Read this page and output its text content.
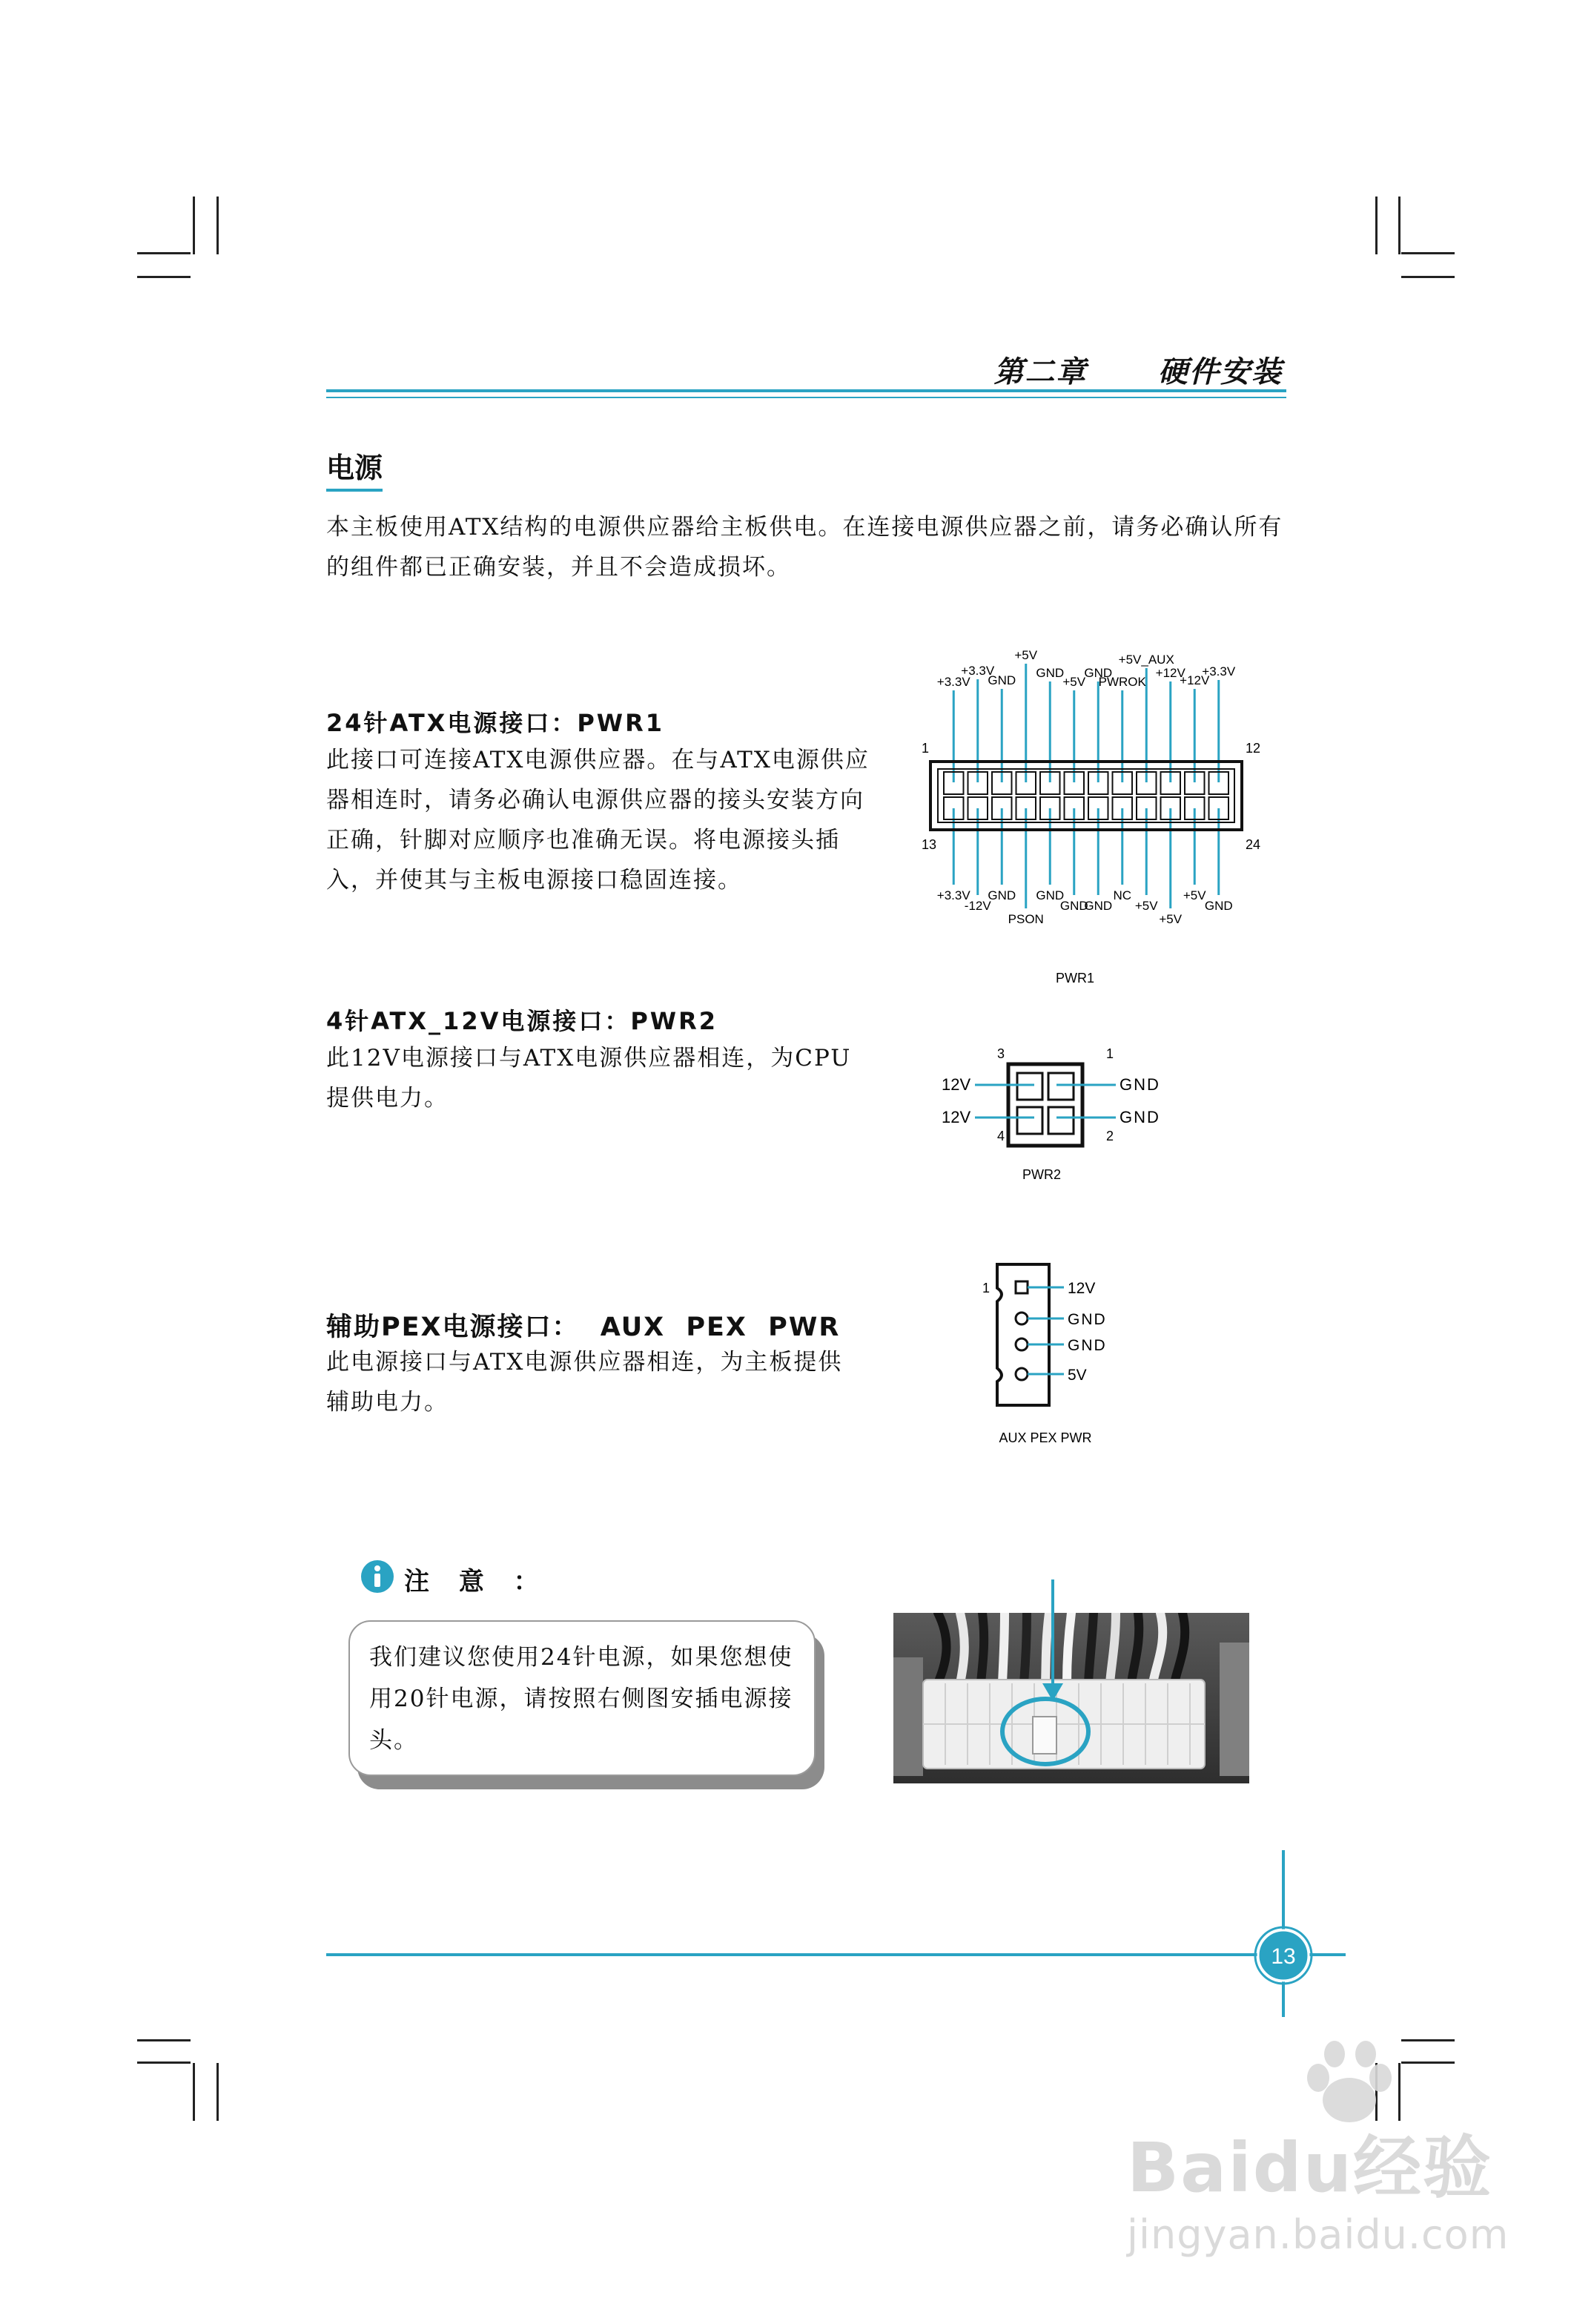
第二章 硬件安装
电源
本主板使用ATX结构的电源供应器给主板供电。在连接电源供应器之前，请务必确认所有的组件都已正确安装，并且不会造成损坏。
24针ATX电源接口：PWR1
此接口可连接ATX电源供应器。在与ATX电源供应器相连时，请务必确认电源供应器的接头安装方向正确，针脚对应顺序也准确无误。将电源接头插入，并使其与主板电源接口稳固连接。
1	12
13	24
+3.3V
+3.3V
GND
+5V
GND
+5V
GND
PWROK
+5V_AUX
+12V
+12V
+3.3V
+3.3V
-12V
GND
PSON
GND
GND
GND
NC
+5V
+5V
+5V
GND
PWR1
4针ATX_12V电源接口：PWR2
此12V电源接口与ATX电源供应器相连，为CPU提供电力。
3	1
4	2
12V
12V
GND
GND
PWR2
辅助PEX电源接口： AUX PEX PWR
此电源接口与ATX电源供应器相连，为主板提供辅助电力。
1	12V
GND
GND
5V
AUX PEX PWR
注 意 ：
我们建议您使用24针电源，如果您想使用20针电源，请按照右侧图安插电源接头。
13
Baidu经验
jingyan.baidu.com
